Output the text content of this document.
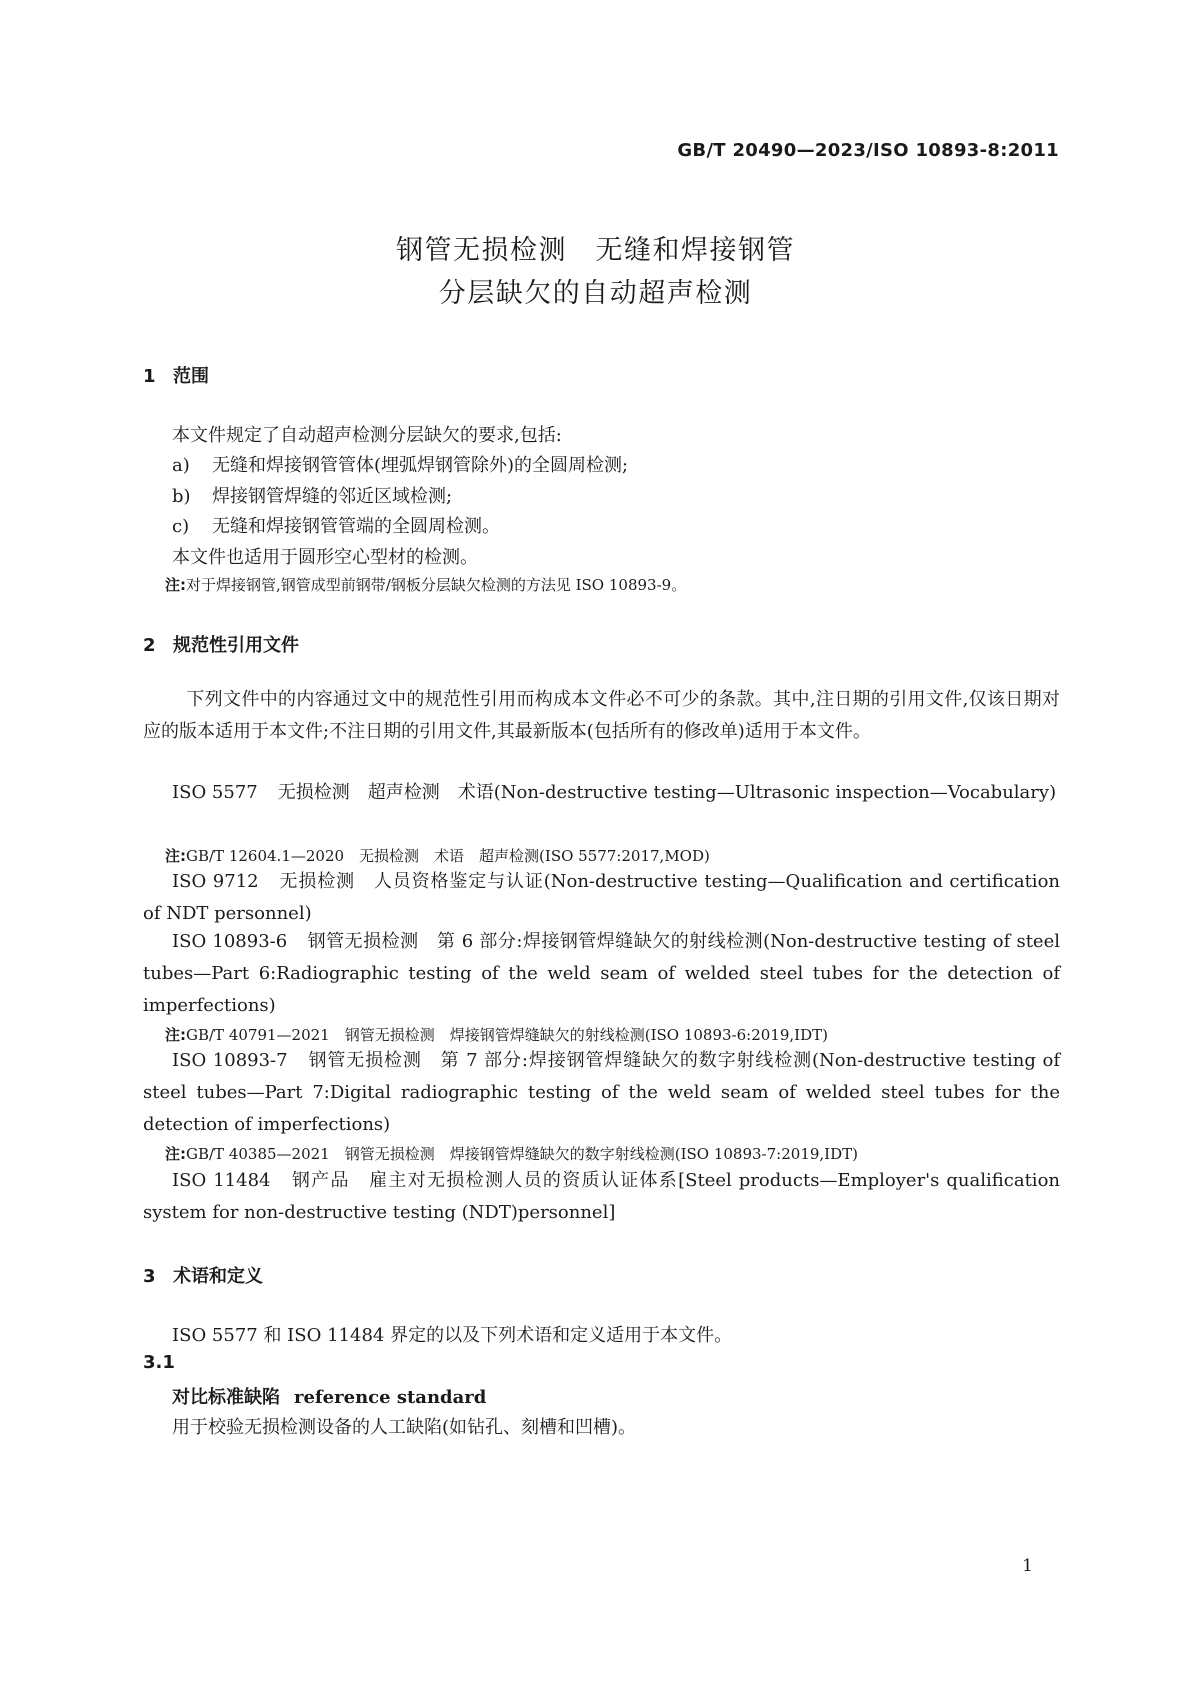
GB/T 20490—2023/ISO 10893-8:2011
钢管无损检测　无缝和焊接钢管
分层缺欠的自动超声检测
1 范围
本文件规定了自动超声检测分层缺欠的要求,包括:
a) 无缝和焊接钢管管体(埋弧焊钢管除外)的全圆周检测;
b) 焊接钢管焊缝的邻近区域检测;
c) 无缝和焊接钢管管端的全圆周检测。
本文件也适用于圆形空心型材的检测。
注:对于焊接钢管,钢管成型前钢带/钢板分层缺欠检测的方法见 ISO 10893-9。
2 规范性引用文件
下列文件中的内容通过文中的规范性引用而构成本文件必不可少的条款。其中,注日期的引用文件,仅该日期对应的版本适用于本文件;不注日期的引用文件,其最新版本(包括所有的修改单)适用于本文件。
ISO 5577 无损检测　超声检测　术语(Non-destructive testing—Ultrasonic inspection—Vocabulary)
注:GB/T 12604.1—2020　无损检测　术语　超声检测(ISO 5577:2017,MOD)
ISO 9712 无损检测　人员资格鉴定与认证(Non-destructive testing—Qualification and certification of NDT personnel)
ISO 10893-6 钢管无损检测　第 6 部分:焊接钢管焊缝缺欠的射线检测(Non-destructive testing of steel tubes—Part 6:Radiographic testing of the weld seam of welded steel tubes for the detection of imperfections)
注:GB/T 40791—2021　钢管无损检测　焊接钢管焊缝缺欠的射线检测(ISO 10893-6:2019,IDT)
ISO 10893-7 钢管无损检测　第 7 部分:焊接钢管焊缝缺欠的数字射线检测(Non-destructive testing of steel tubes—Part 7:Digital radiographic testing of the weld seam of welded steel tubes for the detection of imperfections)
注:GB/T 40385—2021　钢管无损检测　焊接钢管焊缝缺欠的数字射线检测(ISO 10893-7:2019,IDT)
ISO 11484 钢产品　雇主对无损检测人员的资质认证体系[Steel products—Employer's qualification system for non-destructive testing (NDT)personnel]
3 术语和定义
ISO 5577 和 ISO 11484 界定的以及下列术语和定义适用于本文件。
3.1
对比标准缺陷 reference standard
用于校验无损检测设备的人工缺陷(如钻孔、刻槽和凹槽)。
1
